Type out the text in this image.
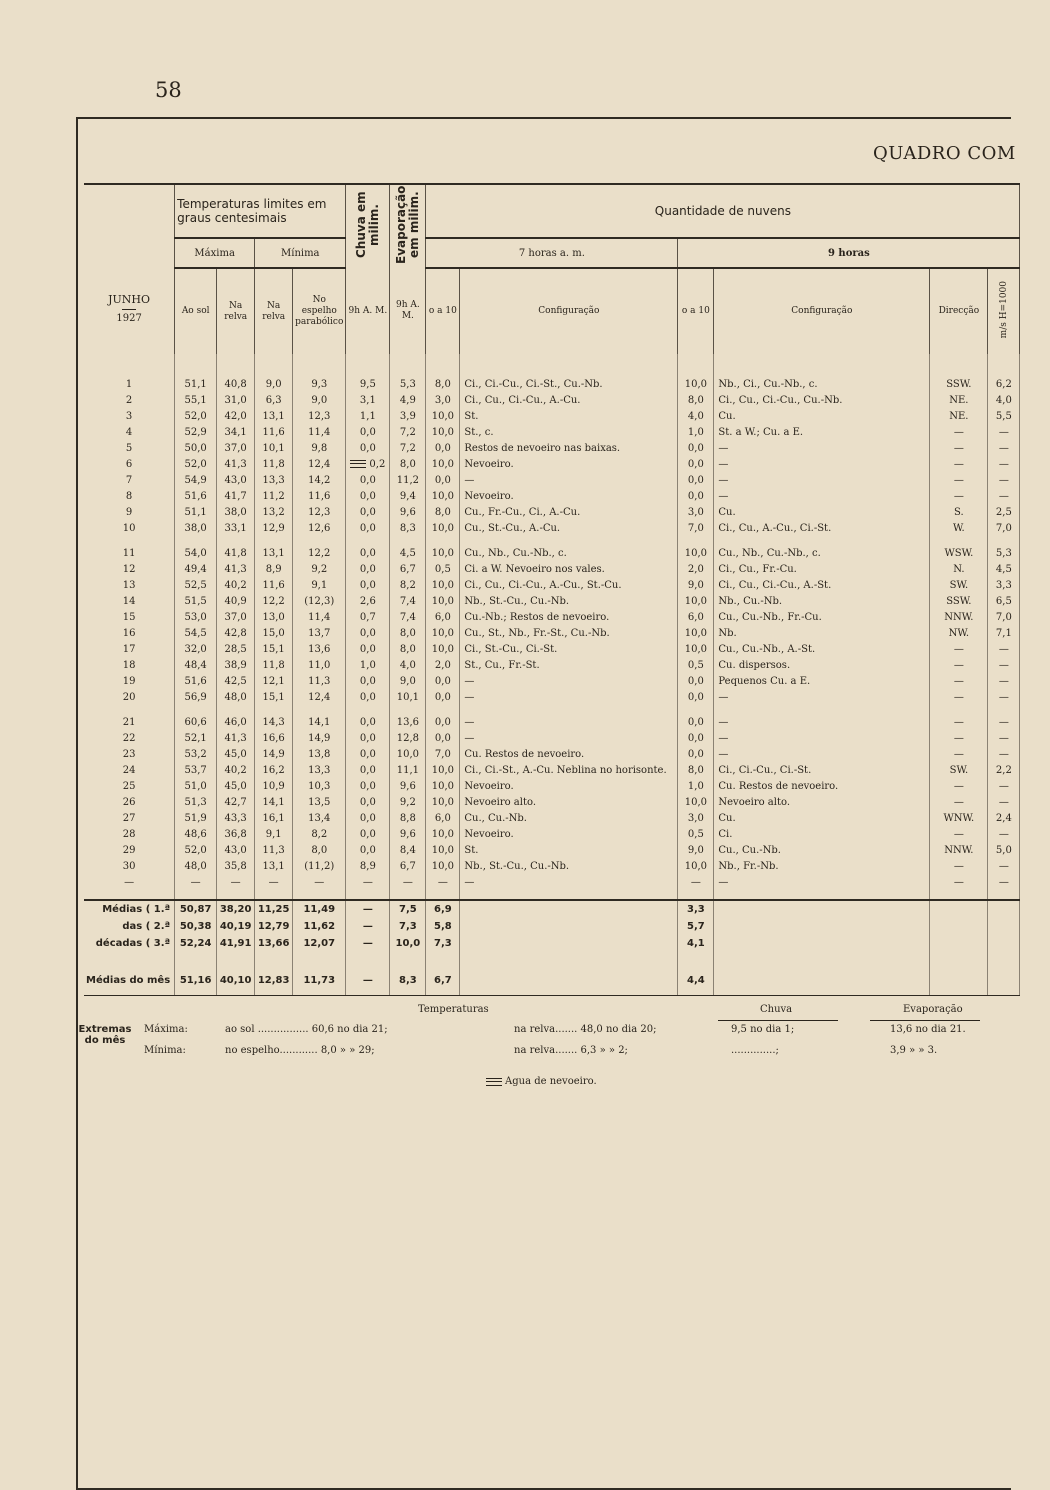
58
QUADRO COM
JUNHO
1927	Temperaturas limites em graus centesimais				Chuva em milim.	Evaporação em milim.	Quantidade de nuvens					
	Máxima		Mínima				7 horas a. m.		9 horas			
	Ao sol	Na relva	Na relva	No espelho parabólico	9h A. M.	9h A. M.	o a 10	Configuração	o a 10	Configuração	Direcção	m/s H=1000

1	51,1	40,8	9,0	9,3	9,5	5,3	8,0	Ci., Ci.-Cu., Ci.-St., Cu.-Nb.	10,0	Nb., Ci., Cu.-Nb., c.	SSW.	6,2
2	55,1	31,0	6,3	9,0	3,1	4,9	3,0	Ci., Cu., Ci.-Cu., A.-Cu.	8,0	Ci., Cu., Ci.-Cu., Cu.-Nb.	NE.	4,0
3	52,0	42,0	13,1	12,3	1,1	3,9	10,0	St.	4,0	Cu.	NE.	5,5
4	52,9	34,1	11,6	11,4	0,0	7,2	10,0	St., c.	1,0	St. a W.; Cu. a E.	—	—
5	50,0	37,0	10,1	9,8	0,0	7,2	0,0	Restos de nevoeiro nas baixas.	0,0	—	—	—
6	52,0	41,3	11,8	12,4	0,2	8,0	10,0	Nevoeiro.	0,0	—	—	—
7	54,9	43,0	13,3	14,2	0,0	11,2	0,0	—	0,0	—	—	—
8	51,6	41,7	11,2	11,6	0,0	9,4	10,0	Nevoeiro.	0,0	—	—	—
9	51,1	38,0	13,2	12,3	0,0	9,6	8,0	Cu., Fr.-Cu., Ci., A.-Cu.	3,0	Cu.	S.	2,5
10	38,0	33,1	12,9	12,6	0,0	8,3	10,0	Cu., St.-Cu., A.-Cu.	7,0	Ci., Cu., A.-Cu., Ci.-St.	W.	7,0

11	54,0	41,8	13,1	12,2	0,0	4,5	10,0	Cu., Nb., Cu.-Nb., c.	10,0	Cu., Nb., Cu.-Nb., c.	WSW.	5,3
12	49,4	41,3	8,9	9,2	0,0	6,7	0,5	Ci. a W. Nevoeiro nos vales.	2,0	Ci., Cu., Fr.-Cu.	N.	4,5
13	52,5	40,2	11,6	9,1	0,0	8,2	10,0	Ci., Cu., Ci.-Cu., A.-Cu., St.-Cu.	9,0	Ci., Cu., Ci.-Cu., A.-St.	SW.	3,3
14	51,5	40,9	12,2	(12,3)	2,6	7,4	10,0	Nb., St.-Cu., Cu.-Nb.	10,0	Nb., Cu.-Nb.	SSW.	6,5
15	53,0	37,0	13,0	11,4	0,7	7,4	6,0	Cu.-Nb.; Restos de nevoeiro.	6,0	Cu., Cu.-Nb., Fr.-Cu.	NNW.	7,0
16	54,5	42,8	15,0	13,7	0,0	8,0	10,0	Cu., St., Nb., Fr.-St., Cu.-Nb.	10,0	Nb.	NW.	7,1
17	32,0	28,5	15,1	13,6	0,0	8,0	10,0	Ci., St.-Cu., Ci.-St.	10,0	Cu., Cu.-Nb., A.-St.	—	—
18	48,4	38,9	11,8	11,0	1,0	4,0	2,0	St., Cu., Fr.-St.	0,5	Cu. dispersos.	—	—
19	51,6	42,5	12,1	11,3	0,0	9,0	0,0	—	0,0	Pequenos Cu. a E.	—	—
20	56,9	48,0	15,1	12,4	0,0	10,1	0,0	—	0,0	—	—	—

21	60,6	46,0	14,3	14,1	0,0	13,6	0,0	—	0,0	—	—	—
22	52,1	41,3	16,6	14,9	0,0	12,8	0,0	—	0,0	—	—	—
23	53,2	45,0	14,9	13,8	0,0	10,0	7,0	Cu. Restos de nevoeiro.	0,0	—	—	—
24	53,7	40,2	16,2	13,3	0,0	11,1	10,0	Ci., Ci.-St., A.-Cu. Neblina no horisonte.	8,0	Ci., Ci.-Cu., Ci.-St.	SW.	2,2
25	51,0	45,0	10,9	10,3	0,0	9,6	10,0	Nevoeiro.	1,0	Cu. Restos de nevoeiro.	—	—
26	51,3	42,7	14,1	13,5	0,0	9,2	10,0	Nevoeiro alto.	10,0	Nevoeiro alto.	—	—
27	51,9	43,3	16,1	13,4	0,0	8,8	6,0	Cu., Cu.-Nb.	3,0	Cu.	WNW.	2,4
28	48,6	36,8	9,1	8,2	0,0	9,6	10,0	Nevoeiro.	0,5	Ci.	—	—
29	52,0	43,0	11,3	8,0	0,0	8,4	10,0	St.	9,0	Cu., Cu.-Nb.	NNW.	5,0
30	48,0	35,8	13,1	(11,2)	8,9	6,7	10,0	Nb., St.-Cu., Cu.-Nb.	10,0	Nb., Fr.-Nb.	—	—
—	—	—	—	—	—	—	—	—	—	—	—	—

Médias ( 1.ª	50,87	38,20	11,25	11,49	—	7,5	6,9		3,3			
das ( 2.ª	50,38	40,19	12,79	11,62	—	7,3	5,8		5,7			
décadas ( 3.ª	52,24	41,91	13,66	12,07	—	10,0	7,3		4,1			

Médias do mês	51,16	40,10	12,83	11,73	—	8,3	6,7		4,4			

Temperaturas	Chuva	Evaporação
Extremas do mês
Máxima:	ao sol ................ 60,6 no dia 21;	na relva....... 48,0 no dia 20;	9,5 no dia 1;	13,6 no dia 21.
Mínima:	no espelho............ 8,0 » » 29;	na relva....... 6,3 » » 2;	..............;	3,9 » » 3.
Agua de nevoeiro.
